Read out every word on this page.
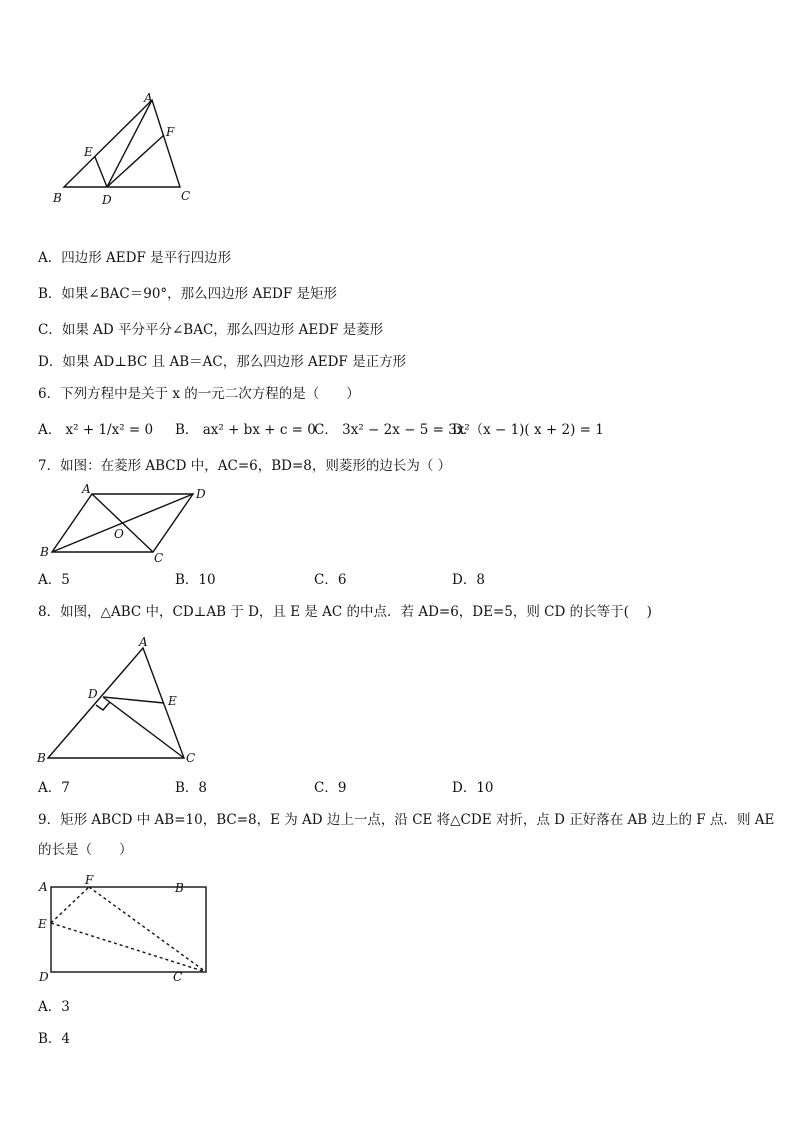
A
F
E
B	D	C
A．四边形 AEDF 是平行四边形
B．如果∠BAC＝90°，那么四边形 AEDF 是矩形
C．如果 AD 平分平分∠BAC，那么四边形 AEDF 是菱形
D．如果 AD⊥BC 且 AB＝AC，那么四边形 AEDF 是正方形
6．下列方程中是关于 x 的一元二次方程的是（　　）
A． x² + 1/x² = 0 B． ax² + bx + c = 0
C． 3x² − 2x − 5 = 3x²
D．（x − 1)( x + 2) = 1
7．如图：在菱形 ABCD 中，AC=6，BD=8，则菱形的边长为（ ）
A	D
O
B	C
A．5	B．10	C．6	D．8
8．如图，△ABC 中，CD⊥AB 于 D，且 E 是 AC 的中点．若 AD=6，DE=5，则 CD 的长等于(　 )
A
D	E
B	C
A．7	B．8	C．9	D．10
9．矩形 ABCD 中 AB=10，BC=8，E 为 AD 边上一点，沿 CE 将△CDE 对折，点 D 正好落在 AB 边上的 F 点．则 AE
的长是（　　）
A	F
B
E
D	C
A．3
B．4
